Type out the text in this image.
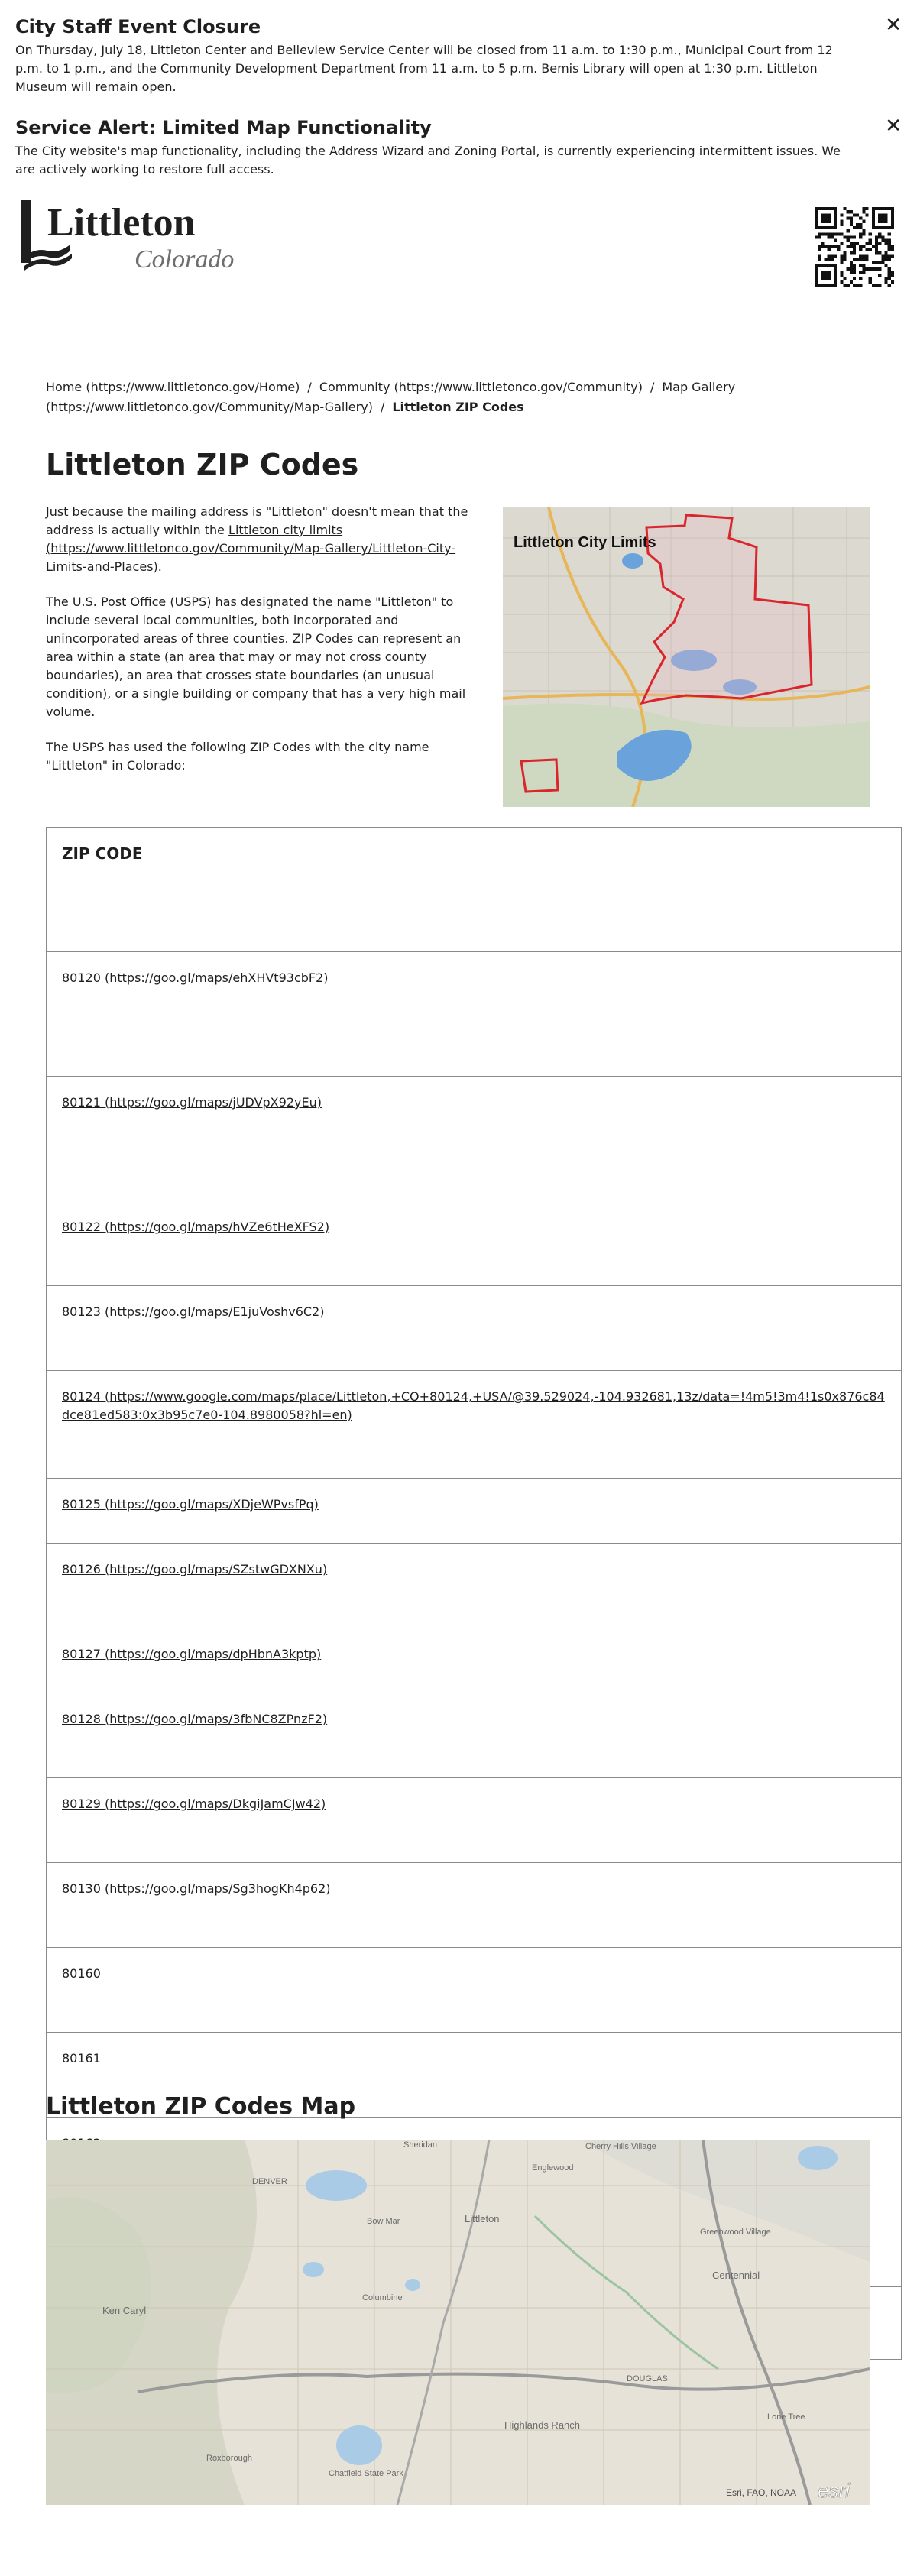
City Staff Event Closure

On Thursday, July 18, Littleton Center and Belleview Service Center will be closed from 11 a.m. to 1:30 p.m., Municipal Court from 12 p.m. to 1 p.m., and the Community Development Department from 11 a.m. to 5 p.m. Bemis Library will open at 1:30 p.m. Littleton Museum will remain open.

✕
Service Alert: Limited Map Functionality

The City website's map functionality, including the Address Wizard and Zoning Portal, is currently experiencing intermittent issues. We are actively working to restore full access.

✕
Littleton
Colorado
Home (https://www.littletonco.gov/Home) / Community (https://www.littletonco.gov/Community) / Map Gallery (https://www.littletonco.gov/Community/Map-Gallery) / Littleton ZIP Codes
Littleton ZIP Codes

Just because the mailing address is "Littleton" doesn't mean that the address is actually within the Littleton city limits (https://www.littletonco.gov/Community/Map-Gallery/Littleton-City-Limits-and-Places).

The U.S. Post Office (USPS) has designated the name "Littleton" to include several local communities, both incorporated and unincorporated areas of three counties. ZIP Codes can represent an area within a state (an area that may or may not cross county boundaries), an area that crosses state boundaries (an unusual condition), or a single building or company that has a very high mail volume.

The USPS has used the following ZIP Codes with the city name "Littleton" in Colorado:

Littleton City Limits
ZIP CODE
80120 (https://goo.gl/maps/ehXHVt93cbF2)
80121 (https://goo.gl/maps/jUDVpX92yEu)
80122 (https://goo.gl/maps/hVZe6tHeXFS2)
80123 (https://goo.gl/maps/E1juVoshv6C2)
80124 (https://www.google.com/maps/place/Littleton,+CO+80124,+USA/@39.529024,-104.932681,13z/data=!4m5!3m4!1s0x876c84dce81ed583:0x3b95c7e0-104.8980058?hl=en)
80125 (https://goo.gl/maps/XDjeWPvsfPq)
80126 (https://goo.gl/maps/SZstwGDXNXu)
80127 (https://goo.gl/maps/dpHbnA3kptp)
80128 (https://goo.gl/maps/3fbNC8ZPnzF2)
80129 (https://goo.gl/maps/DkgiJamCJw42)
80130 (https://goo.gl/maps/Sg3hogKh4p62)
80160
80161

Littleton ZIP Codes Map
Littleton
Centennial
Ken Caryl
Columbine
Highlands Ranch
Lone Tree
DENVER
Sheridan
Englewood
Cherry Hills Village
Greenwood Village
Bow Mar
Chatfield State Park
Roxborough
DOUGLAS
Esri, FAO, NOAA esri
